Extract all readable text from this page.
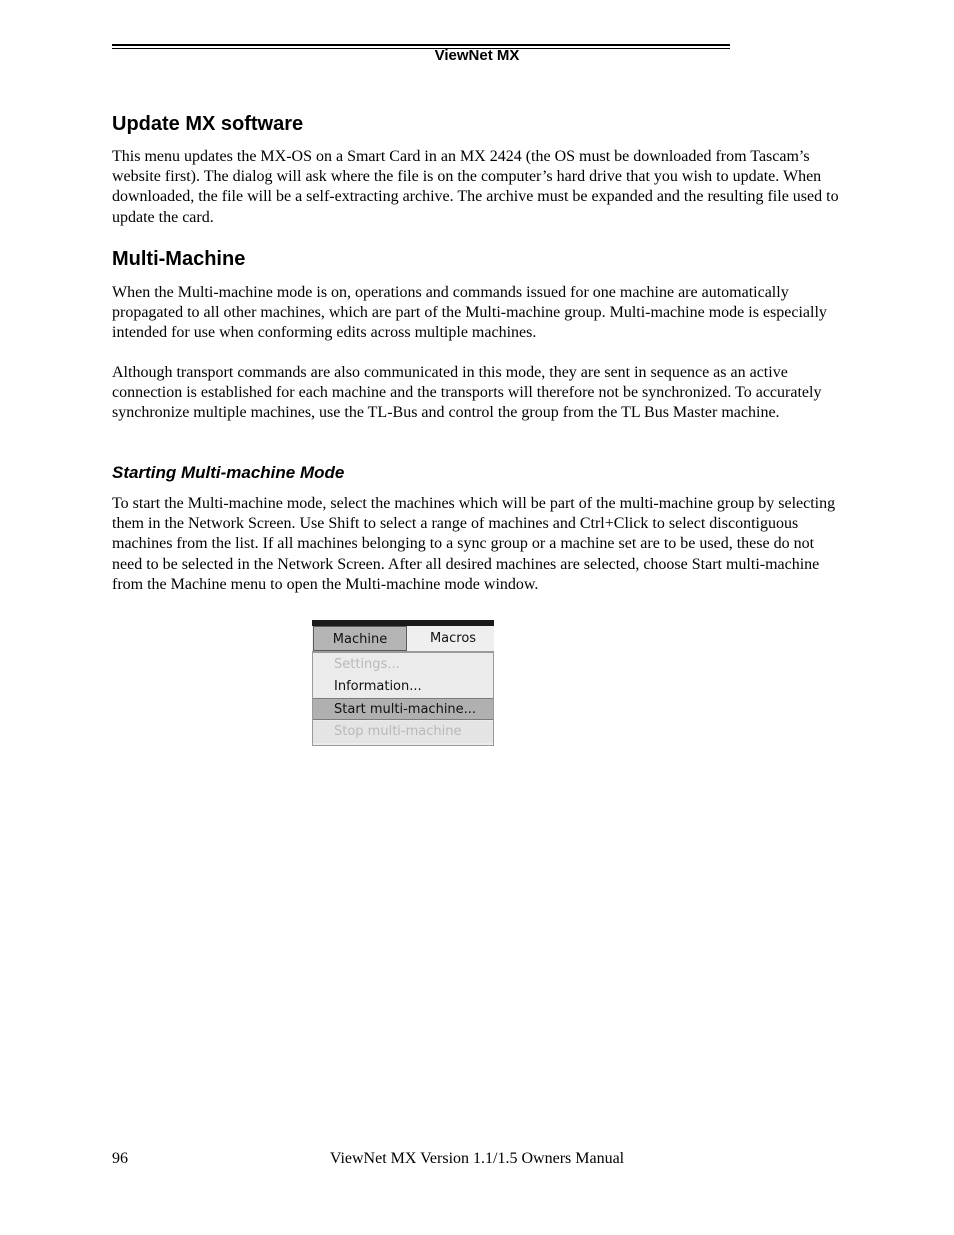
ViewNet MX
Update MX software

This menu updates the MX-OS on a Smart Card in an MX 2424 (the OS must be downloaded from Tascam’s website first). The dialog will ask where the file is on the computer’s hard drive that you wish to update. When downloaded, the file will be a self-extracting archive. The archive must be expanded and the resulting file used to update the card.

Multi-Machine

When the Multi-machine mode is on, operations and commands issued for one machine are automatically propagated to all other machines, which are part of the Multi-machine group. Multi-machine mode is especially intended for use when conforming edits across multiple machines.

Although transport commands are also communicated in this mode, they are sent in sequence as an active connection is established for each machine and the transports will therefore not be synchronized. To accurately synchronize multiple machines, use the TL-Bus and control the group from the TL Bus Master machine.

Starting Multi-machine Mode

To start the Multi-machine mode, select the machines which will be part of the multi-machine group by selecting them in the Network Screen. Use Shift to select a range of machines and Ctrl+Click to select discontiguous machines from the list. If all machines belonging to a sync group or a machine set are to be used, these do not need to be selected in the Network Screen. After all desired machines are selected, choose Start multi-machine from the Machine menu to open the Multi-machine mode window.

Machine	Macros
Settings...
Information...
Start multi-machine...
Stop multi-machine
96	ViewNet MX Version 1.1/1.5 Owners Manual
